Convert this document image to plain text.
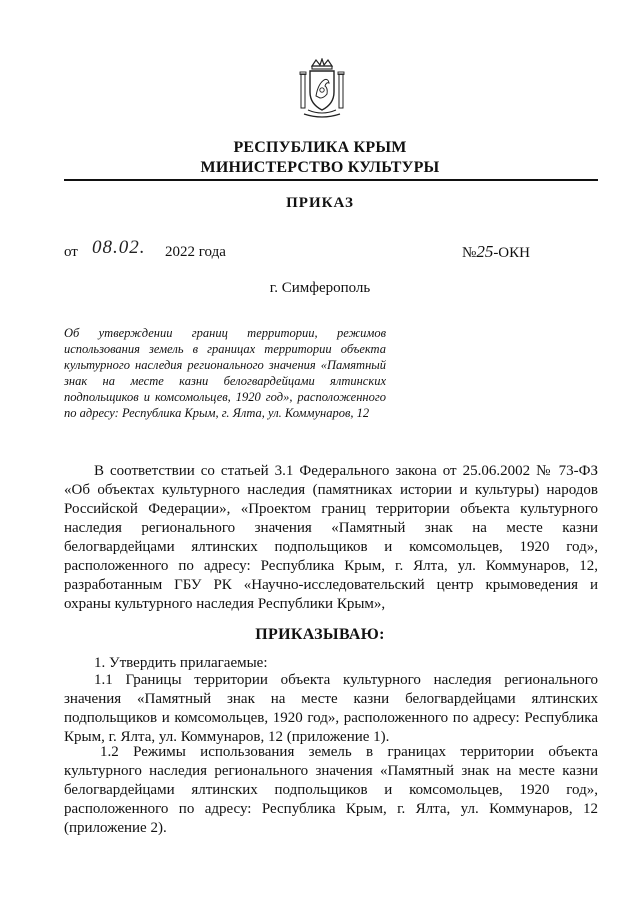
РЕСПУБЛИКА КРЫМ
МИНИСТЕРСТВО КУЛЬТУРЫ
ПРИКАЗ
от 08.02. 2022 года	№25-ОКН
г. Симферополь
Об утверждении границ территории, режимов использования земель в границах территории объекта культурного наследия регионального значения «Памятный знак на месте казни белогвардейцами ялтинских подпольщиков и комсомольцев, 1920 год», расположенного по адресу: Республика Крым, г. Ялта, ул. Коммунаров, 12
В соответствии со статьей 3.1 Федерального закона от 25.06.2002 № 73-ФЗ «Об объектах культурного наследия (памятниках истории и культуры) народов Российской Федерации», «Проектом границ территории объекта культурного наследия регионального значения «Памятный знак на месте казни белогвардейцами ялтинских подпольщиков и комсомольцев, 1920 год», расположенного по адресу: Республика Крым, г. Ялта, ул. Коммунаров, 12, разработанным ГБУ РК «Научно-исследовательский центр крымоведения и охраны культурного наследия Республики Крым»,
ПРИКАЗЫВАЮ:
1. Утвердить прилагаемые:
1.1 Границы территории объекта культурного наследия регионального значения «Памятный знак на месте казни белогвардейцами ялтинских подпольщиков и комсомольцев, 1920 год», расположенного по адресу: Республика Крым, г. Ялта, ул. Коммунаров, 12 (приложение 1).
1.2 Режимы использования земель в границах территории объекта культурного наследия регионального значения «Памятный знак на месте казни белогвардейцами ялтинских подпольщиков и комсомольцев, 1920 год», расположенного по адресу: Республика Крым, г. Ялта, ул. Коммунаров, 12 (приложение 2).
